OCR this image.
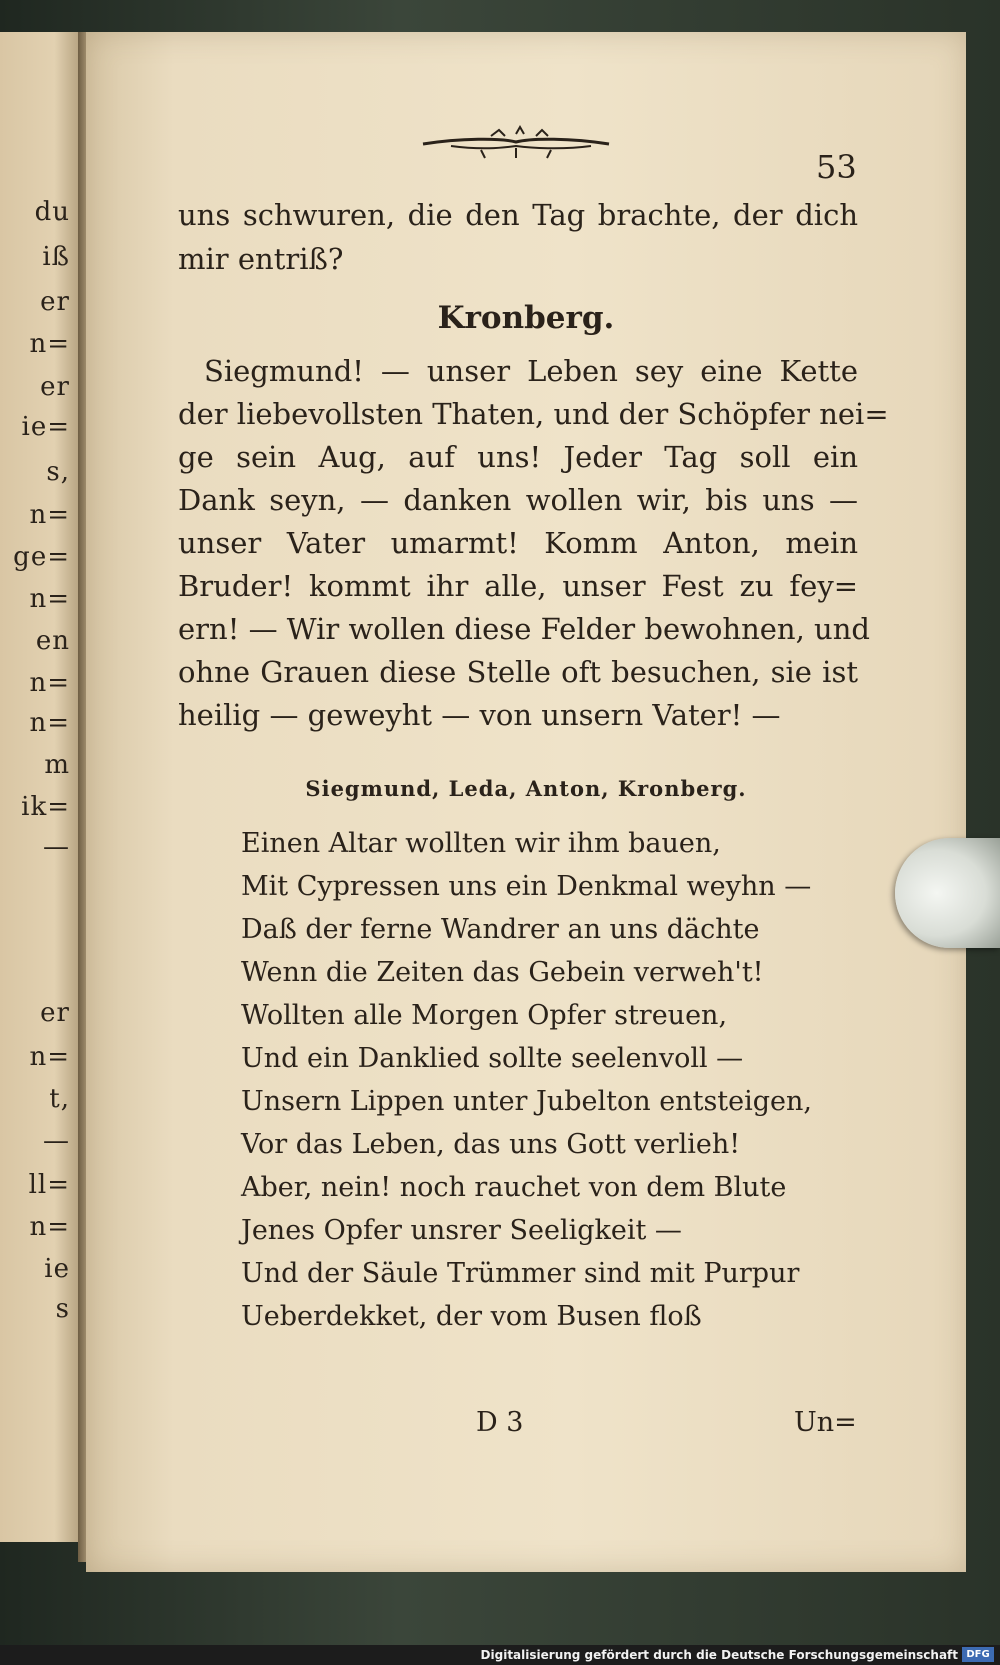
du
iß
er
n=
er
ie=
s,
n=
ge=
n=
en
n=
n=
m
ik=
—
er
n=
t,
—
ll=
n=
ie
s
53
uns schwuren, die den Tag brachte, der dich
mir entriß?
Kronberg.
Siegmund! — unser Leben sey eine Kette
der liebevollsten Thaten, und der Schöpfer nei=
ge sein Aug, auf uns! Jeder Tag soll ein
Dank seyn, — danken wollen wir, bis uns —
unser Vater umarmt! Komm Anton, mein
Bruder! kommt ihr alle, unser Fest zu fey=
ern! — Wir wollen diese Felder bewohnen, und
ohne Grauen diese Stelle oft besuchen, sie ist
heilig — geweyht — von unsern Vater! —
Siegmund, Leda, Anton, Kronberg.
Einen Altar wollten wir ihm bauen,
Mit Cypressen uns ein Denkmal weyhn —
Daß der ferne Wandrer an uns dächte
Wenn die Zeiten das Gebein verweh't!
Wollten alle Morgen Opfer streuen,
Und ein Danklied sollte seelenvoll —
Unsern Lippen unter Jubelton entsteigen,
Vor das Leben, das uns Gott verlieh!
Aber, nein! noch rauchet von dem Blute
Jenes Opfer unsrer Seeligkeit —
Und der Säule Trümmer sind mit Purpur
Ueberdekket, der vom Busen floß
D 3	Un=
Digitalisierung gefördert durch die Deutsche Forschungsgemeinschaft DFG
